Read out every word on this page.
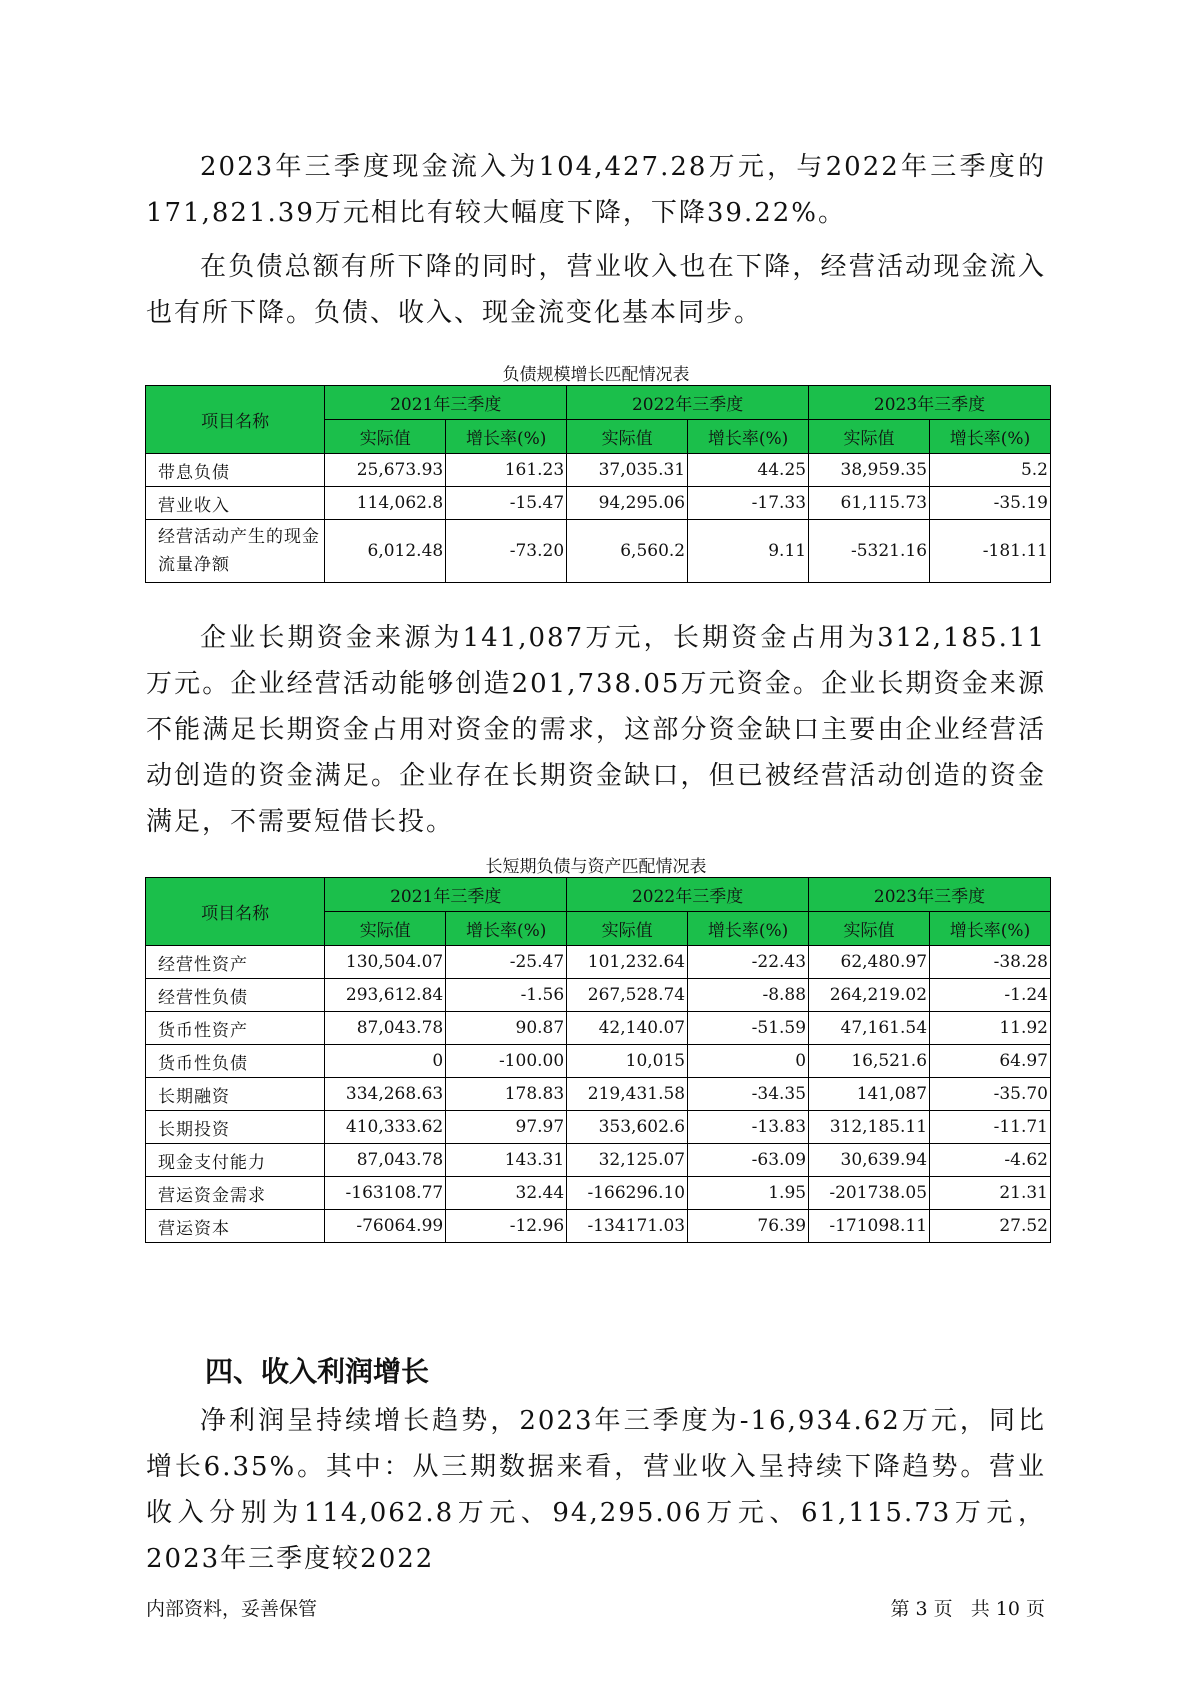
2023年三季度现金流入为104,427.28万元，与2022年三季度的171,821.39万元相比有较大幅度下降，下降39.22%。

在负债总额有所下降的同时，营业收入也在下降，经营活动现金流入也有所下降。负债、收入、现金流变化基本同步。

负债规模增长匹配情况表
项目名称	2021年三季度		2022年三季度		2023年三季度	
	实际值	增长率(%)	实际值	增长率(%)	实际值	增长率(%)
带息负债	25,673.93	161.23	37,035.31	44.25	38,959.35	5.2
营业收入	114,062.8	-15.47	94,295.06	-17.33	61,115.73	-35.19
经营活动产生的现金流量净额	6,012.48	-73.20	6,560.2	9.11	-5321.16	-181.11

企业长期资金来源为141,087万元，长期资金占用为312,185.11万元。企业经营活动能够创造201,738.05万元资金。企业长期资金来源不能满足长期资金占用对资金的需求，这部分资金缺口主要由企业经营活动创造的资金满足。企业存在长期资金缺口，但已被经营活动创造的资金满足，不需要短借长投。

长短期负债与资产匹配情况表
项目名称	2021年三季度		2022年三季度		2023年三季度	
	实际值	增长率(%)	实际值	增长率(%)	实际值	增长率(%)
经营性资产	130,504.07	-25.47	101,232.64	-22.43	62,480.97	-38.28
经营性负债	293,612.84	-1.56	267,528.74	-8.88	264,219.02	-1.24
货币性资产	87,043.78	90.87	42,140.07	-51.59	47,161.54	11.92
货币性负债	0	-100.00	10,015	0	16,521.6	64.97
长期融资	334,268.63	178.83	219,431.58	-34.35	141,087	-35.70
长期投资	410,333.62	97.97	353,602.6	-13.83	312,185.11	-11.71
现金支付能力	87,043.78	143.31	32,125.07	-63.09	30,639.94	-4.62
营运资金需求	-163108.77	32.44	-166296.10	1.95	-201738.05	21.31
营运资本	-76064.99	-12.96	-134171.03	76.39	-171098.11	27.52
四、收入利润增长

净利润呈持续增长趋势，2023年三季度为-16,934.62万元，同比增长6.35%。其中：从三期数据来看，营业收入呈持续下降趋势。营业收入分别为114,062.8万元、94,295.06万元、61,115.73万元，2023年三季度较2022

内部资料，妥善保管	第 3 页   共 10 页
